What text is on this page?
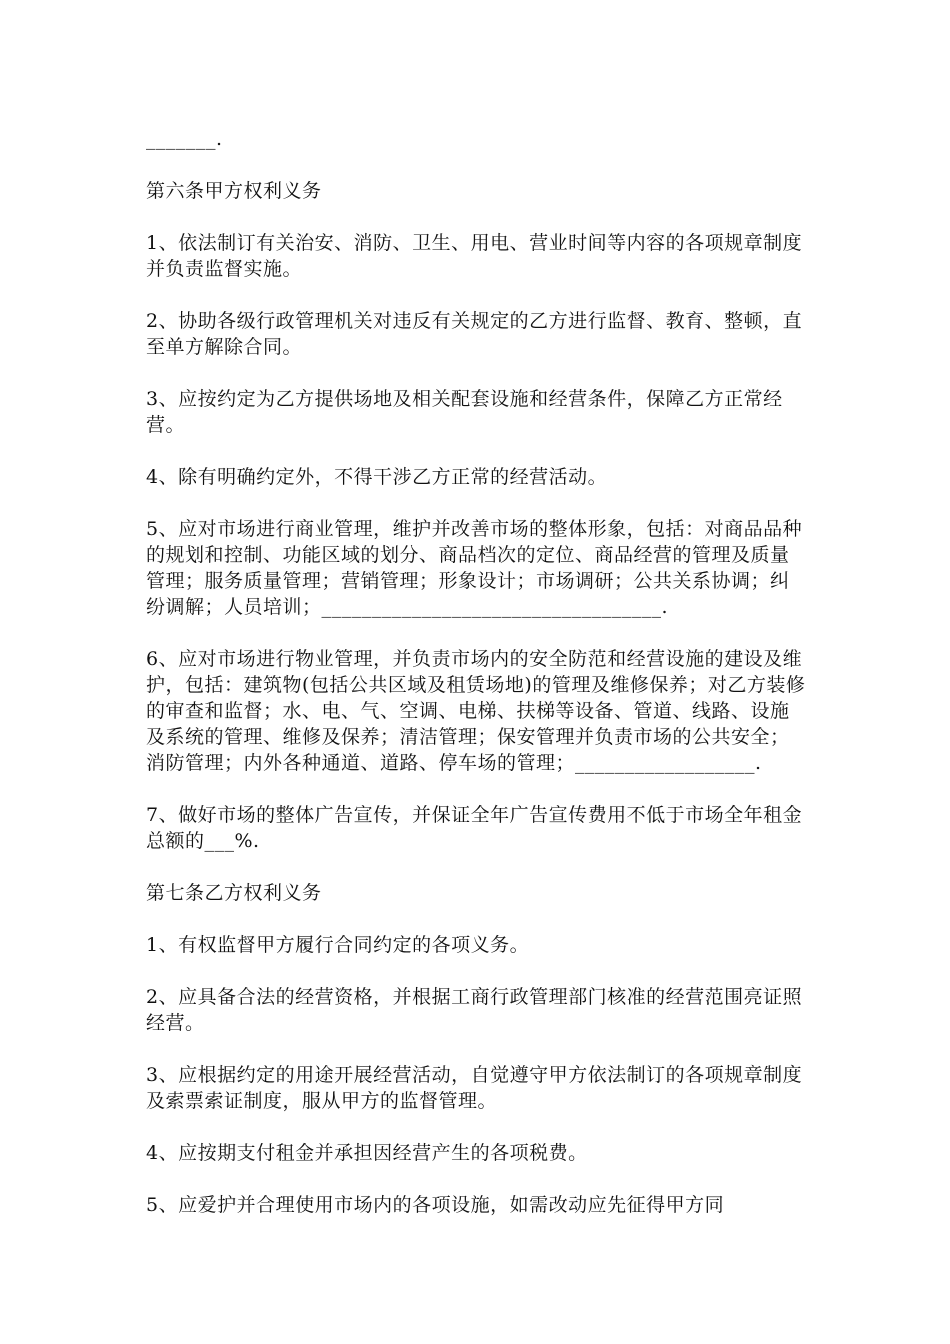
_______.

第六条甲方权利义务

1、依法制订有关治安、消防、卫生、用电、营业时间等内容的各项规章制度并负责监督实施。

2、协助各级行政管理机关对违反有关规定的乙方进行监督、教育、整顿，直至单方解除合同。

3、应按约定为乙方提供场地及相关配套设施和经营条件，保障乙方正常经营。

4、除有明确约定外，不得干涉乙方正常的经营活动。

5、应对市场进行商业管理，维护并改善市场的整体形象，包括：对商品品种的规划和控制、功能区域的划分、商品档次的定位、商品经营的管理及质量管理；服务质量管理；营销管理；形象设计；市场调研；公共关系协调；纠纷调解；人员培训；__________________________________.

6、应对市场进行物业管理，并负责市场内的安全防范和经营设施的建设及维护，包括：建筑物(包括公共区域及租赁场地)的管理及维修保养；对乙方装修的审查和监督；水、电、气、空调、电梯、扶梯等设备、管道、线路、设施及系统的管理、维修及保养；清洁管理；保安管理并负责市场的公共安全；消防管理；内外各种通道、道路、停车场的管理；__________________.

7、做好市场的整体广告宣传，并保证全年广告宣传费用不低于市场全年租金总额的___%.

第七条乙方权利义务

1、有权监督甲方履行合同约定的各项义务。

2、应具备合法的经营资格，并根据工商行政管理部门核准的经营范围亮证照经营。

3、应根据约定的用途开展经营活动，自觉遵守甲方依法制订的各项规章制度及索票索证制度，服从甲方的监督管理。

4、应按期支付租金并承担因经营产生的各项税费。

5、应爱护并合理使用市场内的各项设施，如需改动应先征得甲方同
